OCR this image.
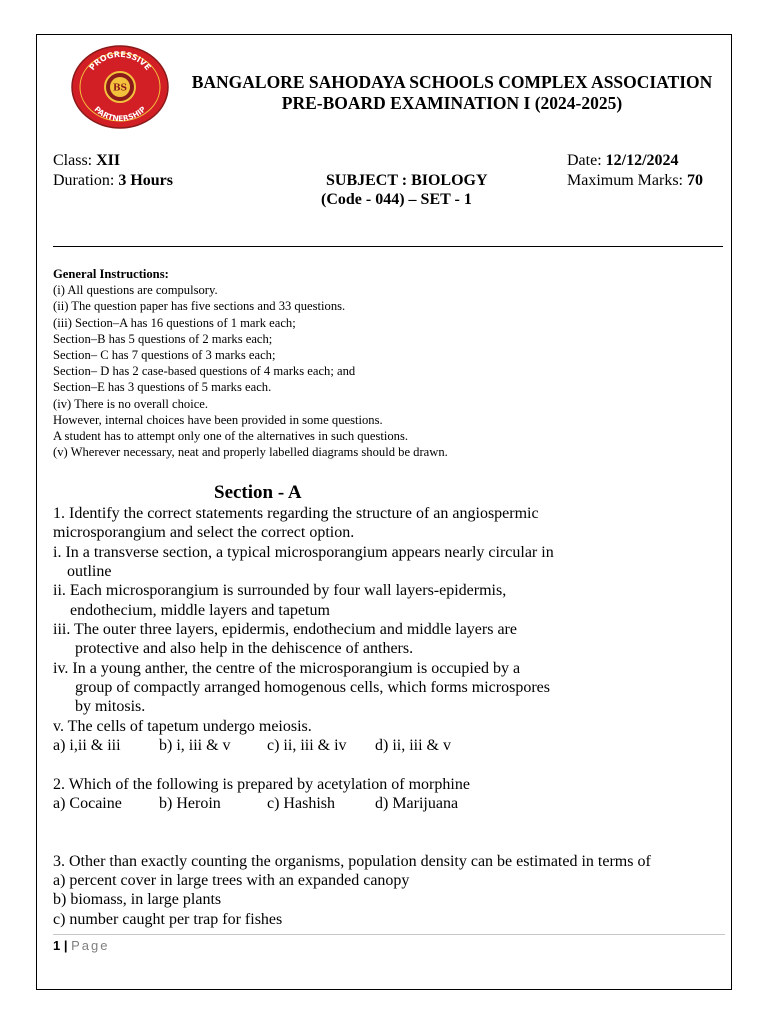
PROGRESSIVE
PARTNERSHIP
BS	BANGALORE SAHODAYA SCHOOLS COMPLEX ASSOCIATION
PRE-BOARD EXAMINATION I (2024-2025)
Class: XII
Duration: 3 Hours	SUBJECT : BIOLOGY
(Code - 044) – SET - 1
Date: 12/12/2024
Maximum Marks: 70
General Instructions:
(i) All questions are compulsory.
(ii) The question paper has five sections and 33 questions.
(iii) Section–A has 16 questions of 1 mark each;
Section–B has 5 questions of 2 marks each;
Section– C has 7 questions of 3 marks each;
Section– D has 2 case-based questions of 4 marks each; and
Section–E has 3 questions of 5 marks each.
(iv) There is no overall choice.
However, internal choices have been provided in some questions.
A student has to attempt only one of the alternatives in such questions.
(v) Wherever necessary, neat and properly labelled diagrams should be drawn.
Section - A
1. Identify the correct statements regarding the structure of an angiospermic
microsporangium and select the correct option.
i. In a transverse section, a typical microsporangium appears nearly circular in
outline
ii. Each microsporangium is surrounded by four wall layers-epidermis,
endothecium, middle layers and tapetum
iii. The outer three layers, epidermis, endothecium and middle layers are
protective and also help in the dehiscence of anthers.
iv. In a young anther, the centre of the microsporangium is occupied by a
group of compactly arranged homogenous cells, which forms microspores
by mitosis.
v. The cells of tapetum undergo meiosis.
a) i,ii & iii b) i, iii & v c) ii, iii & iv d) ii, iii & v
2. Which of the following is prepared by acetylation of morphine
a) Cocaine b) Heroin	c) Hashish	d) Marijuana
3. Other than exactly counting the organisms, population density can be estimated in terms of
a) percent cover in large trees with an expanded canopy
b) biomass, in large plants
c) number caught per trap for fishes
1 | Page
